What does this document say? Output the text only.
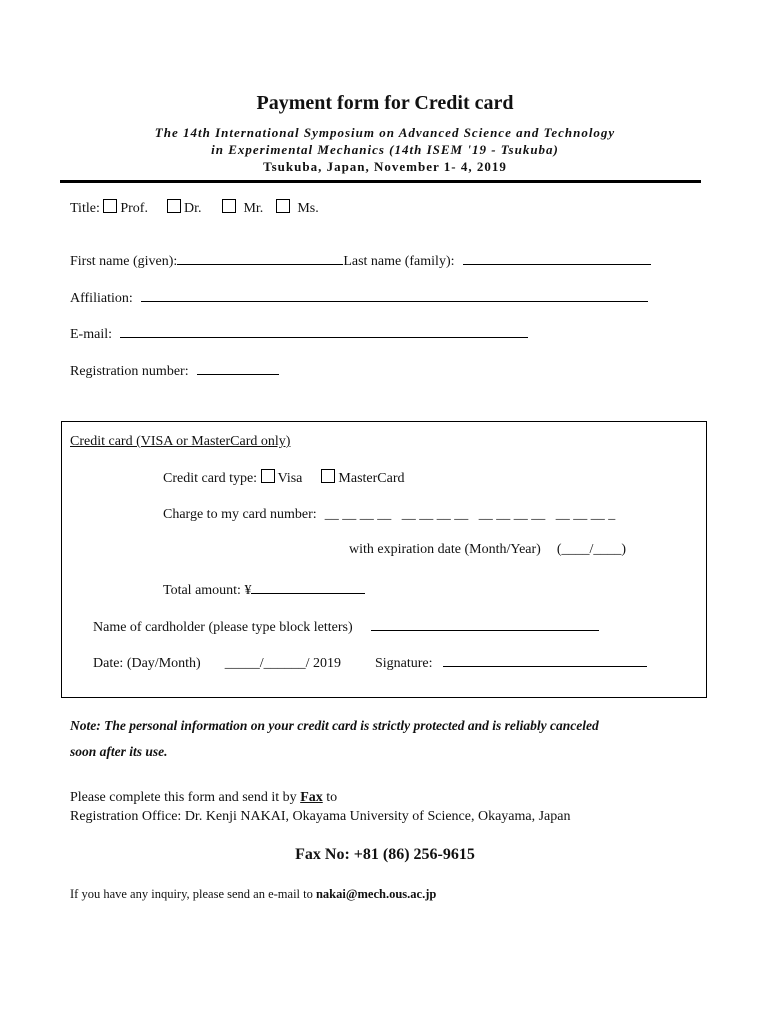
Payment form for Credit card
The 14th International Symposium on Advanced Science and Technology
in Experimental Mechanics (14th ISEM '19 - Tsukuba)
Tsukuba, Japan, November 1- 4, 2019
Title: Prof.	Dr.	Mr. Ms.
First name (given):	Last name (family):
Affiliation:
E-mail:
Registration number:
Credit card (VISA or MasterCard only)
Credit card type: Visa	MasterCard
Charge to my card number: __ __ __ __   __ __ __ __   __ __ __ __   __ __ __ _
with expiration date (Month/Year) (____/____)
Total amount: ¥
Name of cardholder (please type block letters)
Date: (Day/Month) _____/______/ 2019 Signature:
Note: The personal information on your credit card is strictly protected and is reliably canceled
soon after its use.
Please complete this form and send it by Fax to
Registration Office: Dr. Kenji NAKAI, Okayama University of Science, Okayama, Japan
Fax No: +81 (86) 256-9615
If you have any inquiry, please send an e-mail to nakai@mech.ous.ac.jp
